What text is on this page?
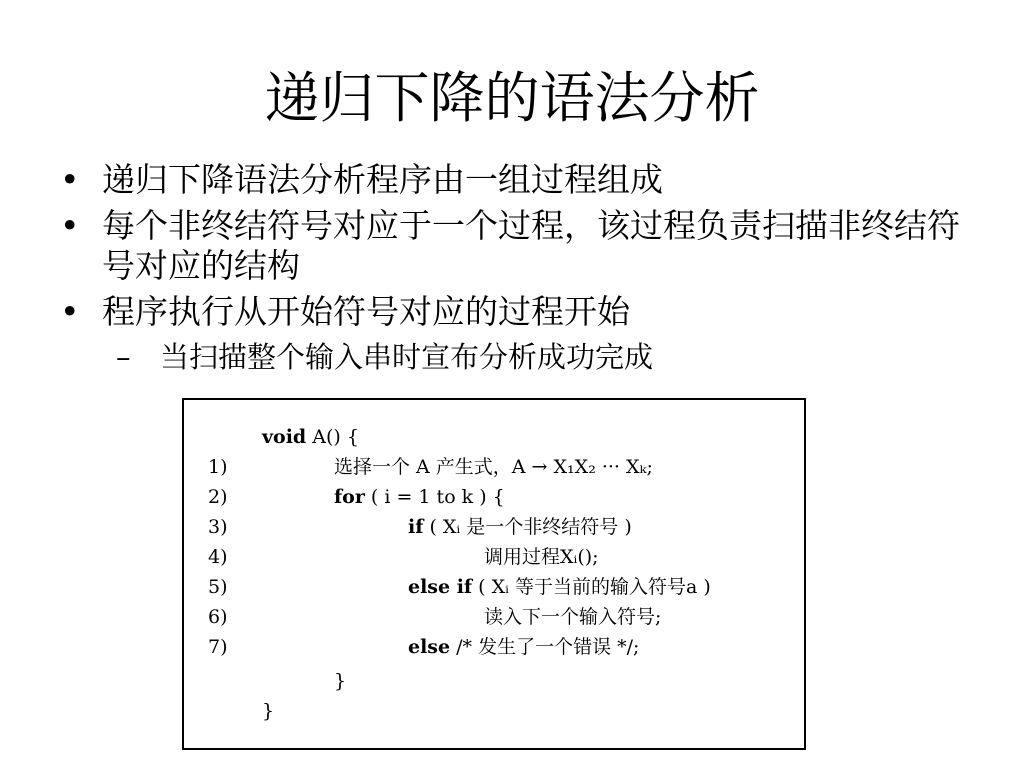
递归下降的语法分析
• 递归下降语法分析程序由一组过程组成
• 每个非终结符号对应于一个过程，该过程负责扫描非终结符号对应的结构
• 程序执行从开始符号对应的过程开始
– 当扫描整个输入串时宣布分析成功完成
void A() {
1)	选择一个 A 产生式，A → X₁X₂ ··· Xₖ;
2)	for ( i = 1 to k ) {
3)	if ( Xᵢ 是一个非终结符号 )
4)	调用过程Xᵢ();
5)	else if ( Xᵢ 等于当前的输入符号a )
6)	读入下一个输入符号;
7)	else /* 发生了一个错误 */;
}
}
